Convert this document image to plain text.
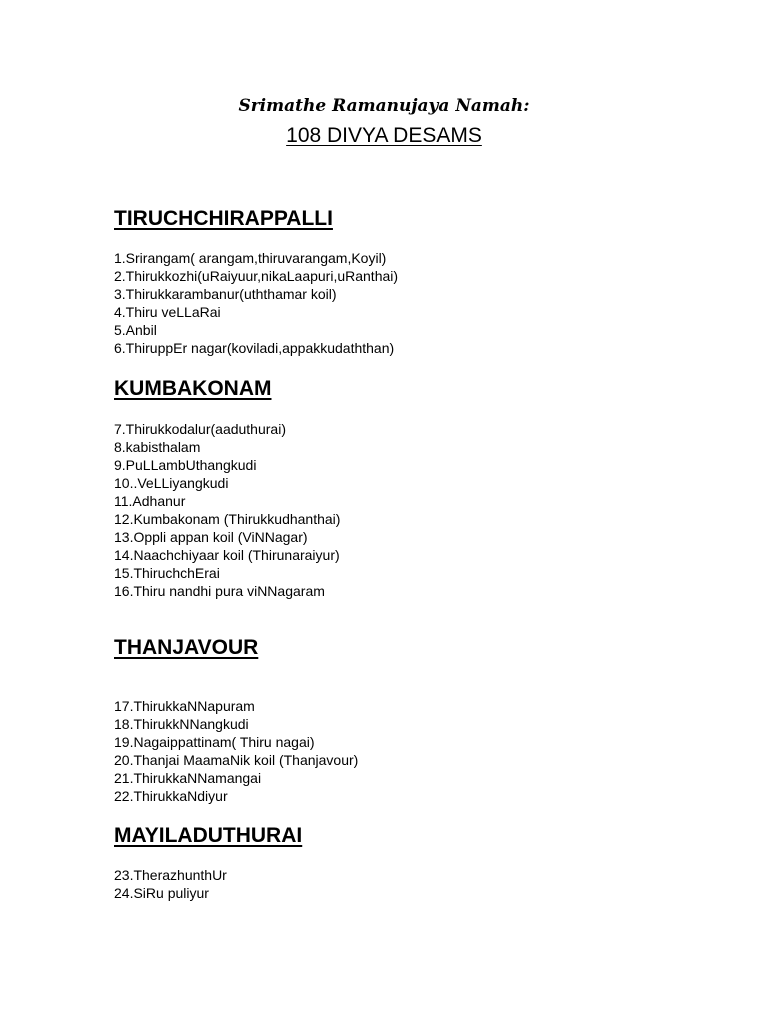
Srimathe Ramanujaya Namah:
108 DIVYA DESAMS
TIRUCHCHIRAPPALLI
1.Srirangam( arangam,thiruvarangam,Koyil)
2.Thirukkozhi(uRaiyuur,nikaLaapuri,uRanthai)
3.Thirukkarambanur(uththamar koil)
4.Thiru veLLaRai
5.Anbil
6.ThiruppEr nagar(koviladi,appakkudaththan)
KUMBAKONAM
7.Thirukkodalur(aaduthurai)
8.kabisthalam
9.PuLLambUthangkudi
10..VeLLiyangkudi
11.Adhanur
12.Kumbakonam (Thirukkudhanthai)
13.Oppli appan koil (ViNNagar)
14.Naachchiyaar koil (Thirunaraiyur)
15.ThiruchchErai
16.Thiru nandhi pura viNNagaram
THANJAVOUR
17.ThirukkaNNapuram
18.ThirukkNNangkudi
19.Nagaippattinam( Thiru nagai)
20.Thanjai MaamaNik koil (Thanjavour)
21.ThirukkaNNamangai
22.ThirukkaNdiyur
MAYILADUTHURAI
23.TherazhunthUr
24.SiRu puliyur
